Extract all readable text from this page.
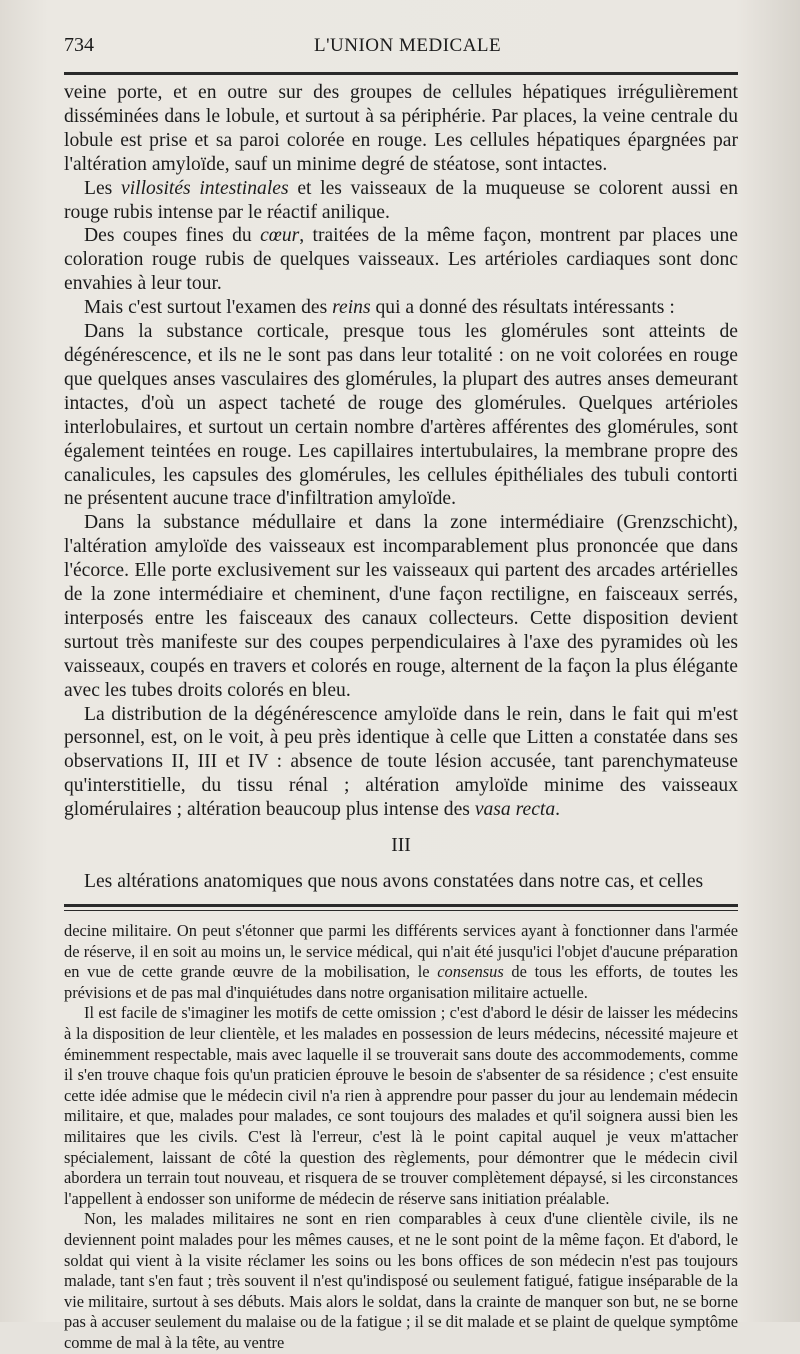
734	L'UNION MEDICALE

veine porte, et en outre sur des groupes de cellules hépatiques irrégulièrement disséminées dans le lobule, et surtout à sa périphérie. Par places, la veine centrale du lobule est prise et sa paroi colorée en rouge. Les cellules hépatiques épargnées par l'altération amyloïde, sauf un minime degré de stéatose, sont intactes.

Les villosités intestinales et les vaisseaux de la muqueuse se colorent aussi en rouge rubis intense par le réactif anilique.

Des coupes fines du cœur, traitées de la même façon, montrent par places une coloration rouge rubis de quelques vaisseaux. Les artérioles cardiaques sont donc envahies à leur tour.

Mais c'est surtout l'examen des reins qui a donné des résultats intéressants :

Dans la substance corticale, presque tous les glomérules sont atteints de dégénérescence, et ils ne le sont pas dans leur totalité : on ne voit colorées en rouge que quelques anses vasculaires des glomérules, la plupart des autres anses demeurant intactes, d'où un aspect tacheté de rouge des glomérules. Quelques artérioles interlobulaires, et surtout un certain nombre d'artères afférentes des glomérules, sont également teintées en rouge. Les capillaires intertubulaires, la membrane propre des canalicules, les capsules des glomérules, les cellules épithéliales des tubuli contorti ne présentent aucune trace d'infiltration amyloïde.

Dans la substance médullaire et dans la zone intermédiaire (Grenzschicht), l'altération amyloïde des vaisseaux est incomparablement plus prononcée que dans l'écorce. Elle porte exclusivement sur les vaisseaux qui partent des arcades artérielles de la zone intermédiaire et cheminent, d'une façon rectiligne, en faisceaux serrés, interposés entre les faisceaux des canaux collecteurs. Cette disposition devient surtout très manifeste sur des coupes perpendiculaires à l'axe des pyramides où les vaisseaux, coupés en travers et colorés en rouge, alternent de la façon la plus élégante avec les tubes droits colorés en bleu.

La distribution de la dégénérescence amyloïde dans le rein, dans le fait qui m'est personnel, est, on le voit, à peu près identique à celle que Litten a constatée dans ses observations II, III et IV : absence de toute lésion accusée, tant parenchymateuse qu'interstitielle, du tissu rénal ; altération amyloïde minime des vaisseaux glomérulaires ; altération beaucoup plus intense des vasa recta.

III
Les altérations anatomiques que nous avons constatées dans notre cas, et celles

decine militaire. On peut s'étonner que parmi les différents services ayant à fonctionner dans l'armée de réserve, il en soit au moins un, le service médical, qui n'ait été jusqu'ici l'objet d'aucune préparation en vue de cette grande œuvre de la mobilisation, le consensus de tous les efforts, de toutes les prévisions et de pas mal d'inquiétudes dans notre organisation militaire actuelle.

Il est facile de s'imaginer les motifs de cette omission ; c'est d'abord le désir de laisser les médecins à la disposition de leur clientèle, et les malades en possession de leurs médecins, nécessité majeure et éminemment respectable, mais avec laquelle il se trouverait sans doute des accommodements, comme il s'en trouve chaque fois qu'un praticien éprouve le besoin de s'absenter de sa résidence ; c'est ensuite cette idée admise que le médecin civil n'a rien à apprendre pour passer du jour au lendemain médecin militaire, et que, malades pour malades, ce sont toujours des malades et qu'il soignera aussi bien les militaires que les civils. C'est là l'erreur, c'est là le point capital auquel je veux m'attacher spécialement, laissant de côté la question des règlements, pour démontrer que le médecin civil abordera un terrain tout nouveau, et risquera de se trouver complètement dépaysé, si les circonstances l'appellent à endosser son uniforme de médecin de réserve sans initiation préalable.

Non, les malades militaires ne sont en rien comparables à ceux d'une clientèle civile, ils ne deviennent point malades pour les mêmes causes, et ne le sont point de la même façon. Et d'abord, le soldat qui vient à la visite réclamer les soins ou les bons offices de son médecin n'est pas toujours malade, tant s'en faut ; très souvent il n'est qu'indisposé ou seulement fatigué, fatigue inséparable de la vie militaire, surtout à ses débuts. Mais alors le soldat, dans la crainte de manquer son but, ne se borne pas à accuser seulement du malaise ou de la fatigue ; il se dit malade et se plaint de quelque symptôme comme de mal à la tête, au ventre
